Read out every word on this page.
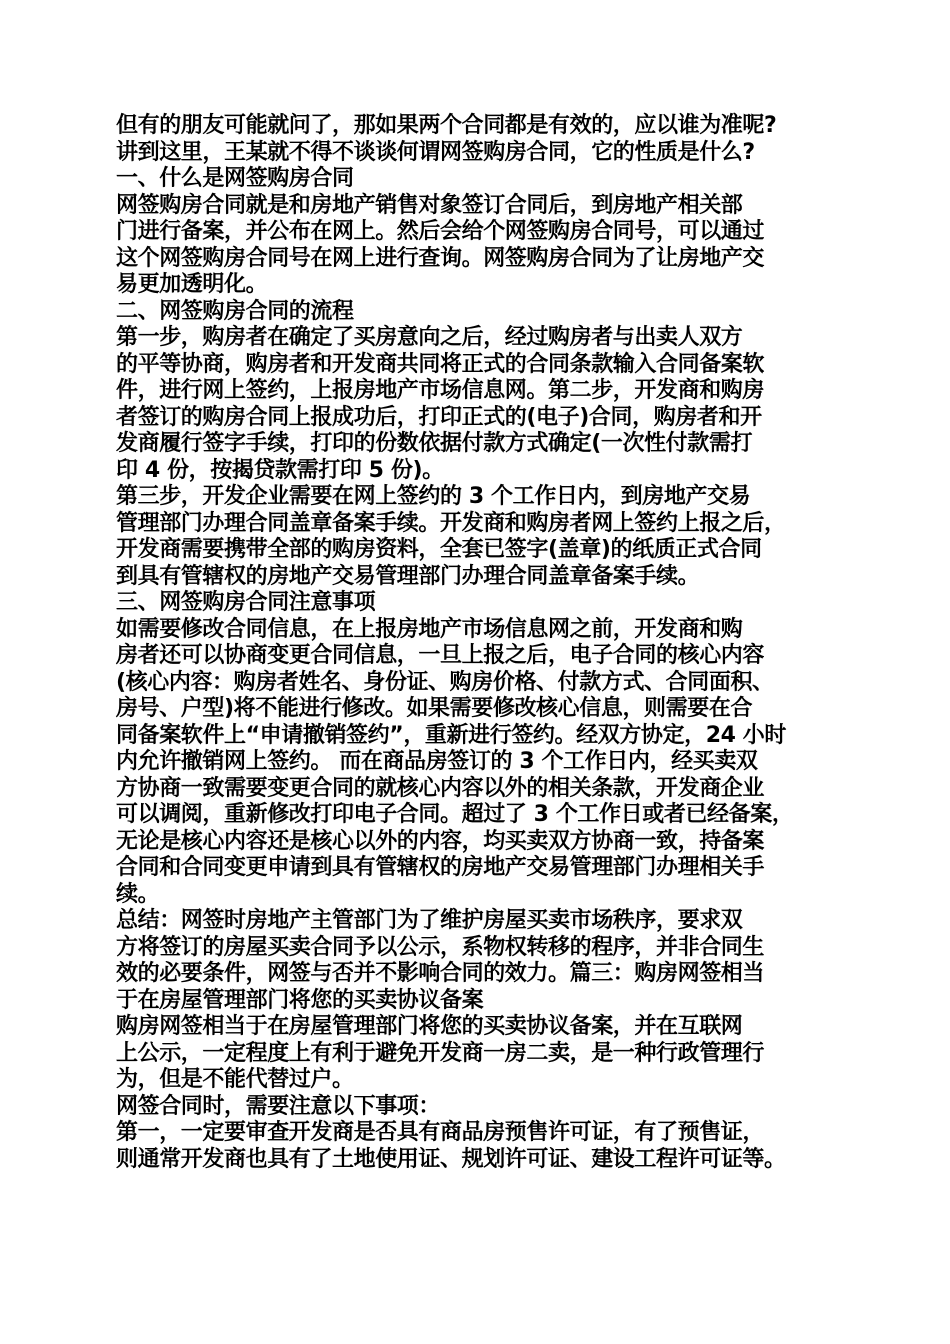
但有的朋友可能就问了，那如果两个合同都是有效的，应以谁为准呢?
讲到这里，王某就不得不谈谈何谓网签购房合同，它的性质是什么?
一、什么是网签购房合同
网签购房合同就是和房地产销售对象签订合同后，到房地产相关部
门进行备案，并公布在网上。然后会给个网签购房合同号，可以通过
这个网签购房合同号在网上进行查询。网签购房合同为了让房地产交
易更加透明化。
二、网签购房合同的流程
第一步，购房者在确定了买房意向之后，经过购房者与出卖人双方
的平等协商，购房者和开发商共同将正式的合同条款输入合同备案软
件，进行网上签约，上报房地产市场信息网。第二步，开发商和购房
者签订的购房合同上报成功后，打印正式的(电子)合同，购房者和开
发商履行签字手续，打印的份数依据付款方式确定(一次性付款需打
印 4 份，按揭贷款需打印 5 份)。
第三步，开发企业需要在网上签约的 3 个工作日内，到房地产交易
管理部门办理合同盖章备案手续。开发商和购房者网上签约上报之后，
开发商需要携带全部的购房资料，全套已签字(盖章)的纸质正式合同
到具有管辖权的房地产交易管理部门办理合同盖章备案手续。
三、网签购房合同注意事项
如需要修改合同信息，在上报房地产市场信息网之前，开发商和购
房者还可以协商变更合同信息，一旦上报之后，电子合同的核心内容
(核心内容：购房者姓名、身份证、购房价格、付款方式、合同面积、
房号、户型)将不能进行修改。如果需要修改核心信息，则需要在合
同备案软件上“申请撤销签约”，重新进行签约。经双方协定，24 小时
内允许撤销网上签约。 而在商品房签订的 3 个工作日内，经买卖双
方协商一致需要变更合同的就核心内容以外的相关条款，开发商企业
可以调阅，重新修改打印电子合同。超过了 3 个工作日或者已经备案，
无论是核心内容还是核心以外的内容，均买卖双方协商一致，持备案
合同和合同变更申请到具有管辖权的房地产交易管理部门办理相关手
续。
总结：网签时房地产主管部门为了维护房屋买卖市场秩序，要求双
方将签订的房屋买卖合同予以公示，系物权转移的程序，并非合同生
效的必要条件，网签与否并不影响合同的效力。篇三：购房网签相当
于在房屋管理部门将您的买卖协议备案
购房网签相当于在房屋管理部门将您的买卖协议备案，并在互联网
上公示，一定程度上有利于避免开发商一房二卖，是一种行政管理行
为，但是不能代替过户。
网签合同时，需要注意以下事项：
第一，一定要审查开发商是否具有商品房预售许可证，有了预售证，
则通常开发商也具有了土地使用证、规划许可证、建设工程许可证等。
